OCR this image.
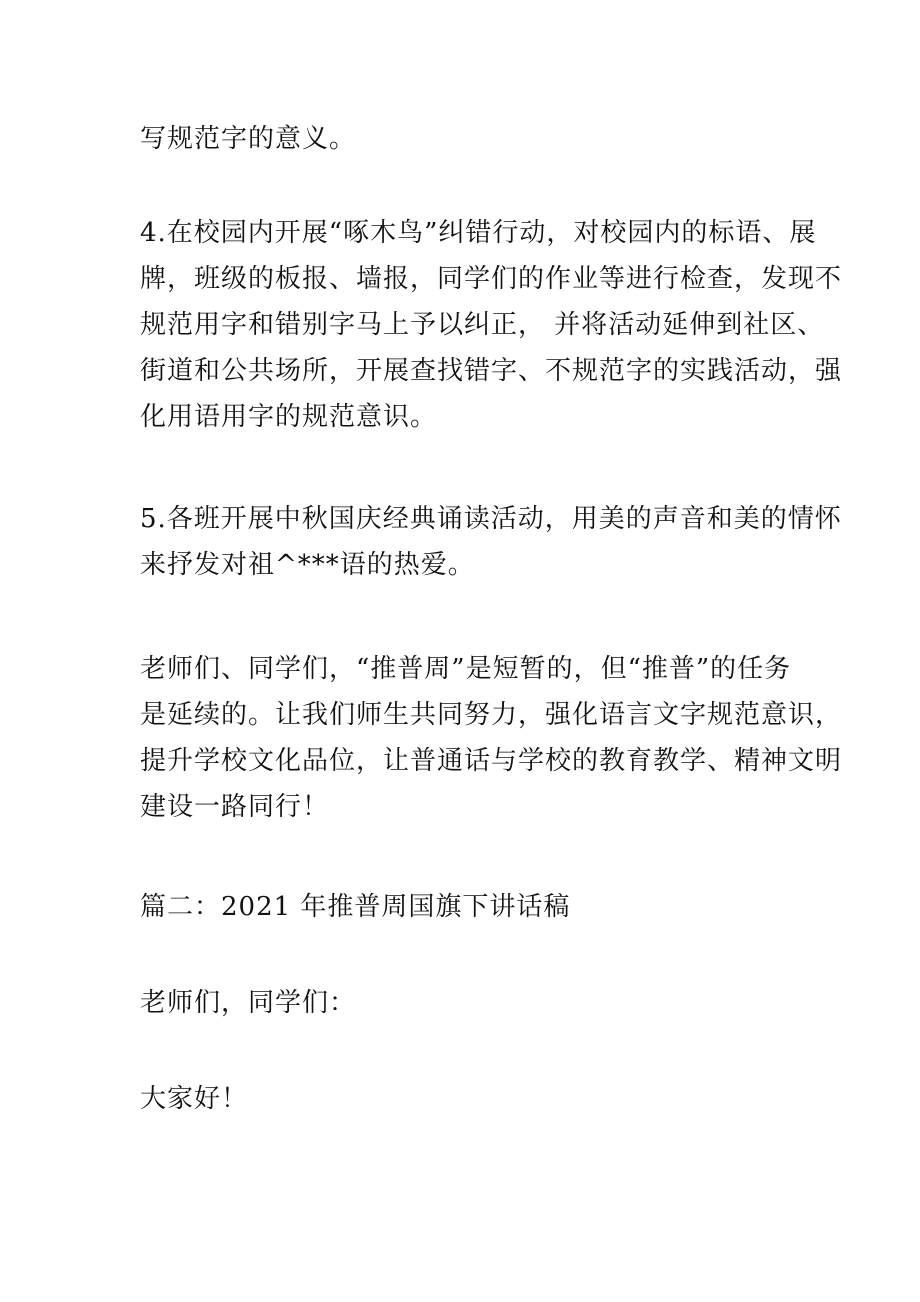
写规范字的意义。

4.在校园内开展“啄木鸟”纠错行动，对校园内的标语、展
牌，班级的板报、墙报，同学们的作业等进行检查，发现不
规范用字和错别字马上予以纠正， 并将活动延伸到社区、
街道和公共场所，开展查找错字、不规范字的实践活动，强
化用语用字的规范意识。

5.各班开展中秋国庆经典诵读活动，用美的声音和美的情怀
来抒发对祖^***语的热爱。

老师们、同学们，“推普周”是短暂的，但“推普”的任务
是延续的。让我们师生共同努力，强化语言文字规范意识，
提升学校文化品位，让普通话与学校的教育教学、精神文明
建设一路同行！

篇二：2021 年推普周国旗下讲话稿

老师们，同学们：

大家好！
